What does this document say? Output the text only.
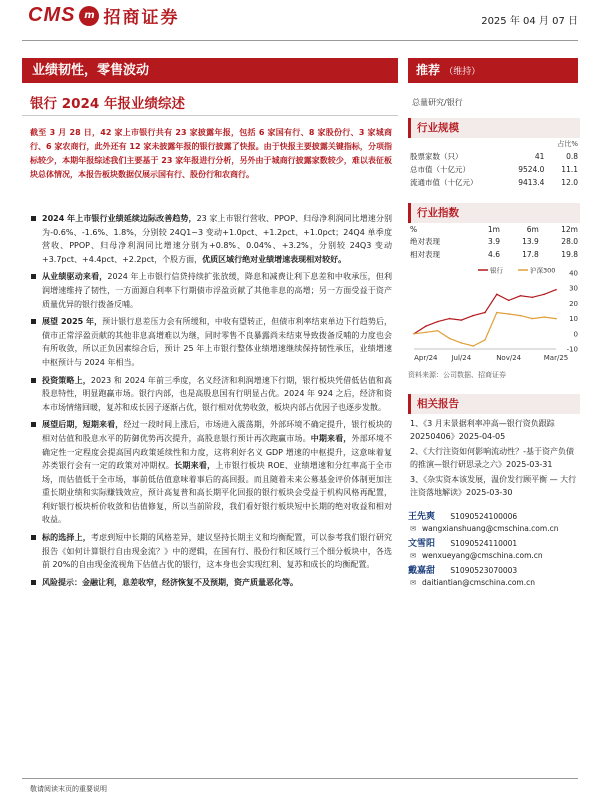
CMS m 招商证券	2025 年 04 月 07 日
业绩韧性，零售波动	推荐 （维持）
银行 2024 年报业绩综述	总量研究/银行
截至 3 月 28 日，42 家上市银行共有 23 家披露年报，包括 6 家国有行、8 家股份行、3 家城商行、6 家农商行，此外还有 12 家未披露年报的银行披露了快报。由于快报主要披露关键指标，分项指标较少，本期年报综述我们主要基于 23 家年报进行分析，另外由于城商行披露家数较少，难以表征板块总体情况，本报告板块数据仅展示国有行、股份行和农商行。

2024 年上市银行业绩延续边际改善趋势，23 家上市银行营收、PPOP、归母净利润同比增速分别为-0.6%、-1.6%、1.8%，分别较 24Q1~3 变动+1.0pct、+1.2pct、+1.0pct；24Q4 单季度营收、PPOP、归母净利润同比增速分别为+0.8%、0.04%、+3.2%，分别较 24Q3 变动+3.7pct、+4.4pct、+2.2pct，个股方面，优质区域行绝对业绩增速表现相对较好。

从业绩驱动来看，2024 年上市银行信贷持续扩张放缓，降息和减费让利下息差和中收承压，但利润增速维持了韧性，一方面源自利率下行期债市浮盈贡献了其他非息的高增；另一方面受益于资产质量优异的银行拨备反哺。

展望 2025 年，预计银行息差压力会有所缓和，中收有望转正，但债市利率结束单边下行趋势后，债市正常浮盈贡献的其他非息高增难以为继，同时零售不良暴露尚未结束导致拨备反哺的力度也会有所收敛，所以正负因素综合后，预计 25 年上市银行整体业绩增速继续保持韧性承压，业绩增速中枢预计与 2024 年相当。

投资策略上，2023 和 2024 年前三季度，名义经济和利润增速下行期，银行板块凭借低估值和高股息特性，明显跑赢市场。银行内部，也是高股息国有行明显占优。2024 年 924 之后，经济和资本市场情绪回暖，复苏和成长因子逐渐占优，银行相对优势收敛，板块内部占优因子也逐步发散。

展望后期，短期来看，经过一段时间上涨后，市场进入震荡期，外部环境不确定提升，银行板块的相对估值和股息水平的防御优势再次提升，高股息银行预计再次跑赢市场。中期来看，外部环境不确定性一定程度会提高国内政策延续性和力度，这将利好名义 GDP 增速的中枢提升，这意味着复苏类银行会有一定的政策对冲期权。长期来看，上市银行板块 ROE、业绩增速和分红率高于全市场，而估值低于全市场，事前低估值意味着事后的高回报。而且随着未来公募基金评价体制更加注重长期业绩和实际赚钱效应，预计高复普和高长期平化回报的银行板块会受益于机构风格再配置，利好银行板块析价收敛和估值修复，所以当前阶段，我们看好银行板块短中长期的绝对收益和相对收益。

标的选择上，考虑到短中长期的风格差异，建议坚持长期主义和均衡配置，可以参考我们银行研究报告《如何计算银行自由现金流？》中的逻辑，在国有行、股份行和区域行三个细分板块中，各选前 20%的自由现金流视角下估值占优的银行，这本身也会实现红利、复苏和成长的均衡配置。

风险提示：金融让利，息差收窄，经济恢复不及预期，资产质量恶化等。

行业规模
		占比%
股票家数（只）	41	0.8
总市值（十亿元）	9524.0	11.1
流通市值（十亿元）	9413.4	12.0
行业指数
%	1m	6m	12m
绝对表现	3.9	13.9	28.0
相对表现	4.6	17.8	19.8
40
30
20
10
0
-10
Apr/24 Jul/24	Nov/24	Mar/25
银行	沪深300
资料来源：公司数据、招商证券
相关报告
1、《3 月末景据利率冲高—银行资负跟踪 20250406》2025-04-05
2、《大行注资如何影响流动性？-基于资产负债的推演—银行研思录之六》2025-03-31
3、《杂实资本该发展，温价发行顾平衡 — 大行注资落地解读》2025-03-30
王先爽 S1090524100006
✉ wangxianshuang@cmschina.com.cn
文雪阳 S1090524110001
✉ wenxueyang@cmschina.com.cn
戴嘉甜 S1090523070003
✉ daitiantian@cmschina.com.cn
敬请阅读末页的重要说明
